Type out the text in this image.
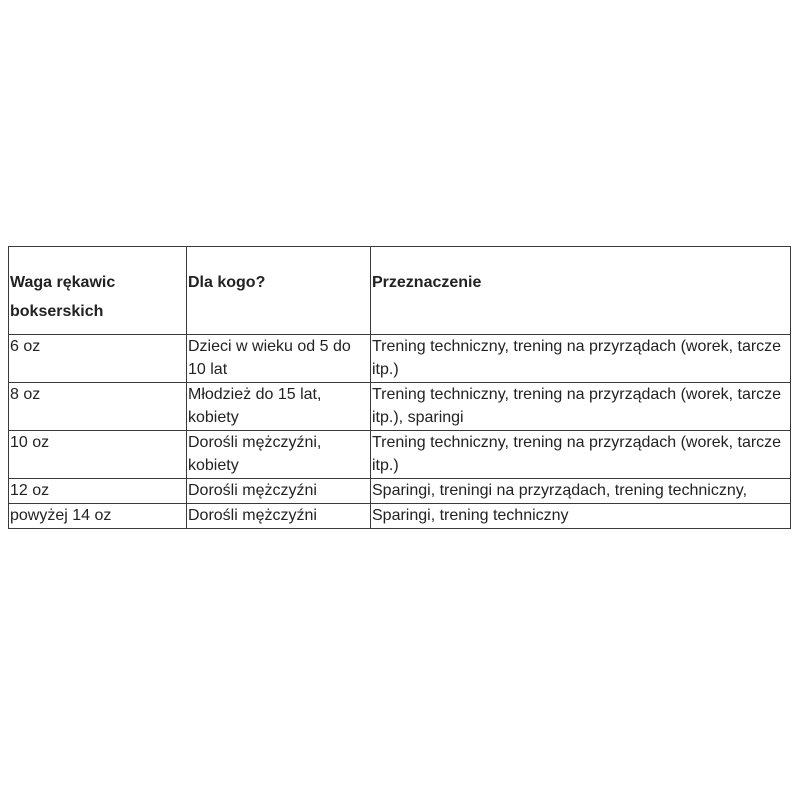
Waga rękawic bokserskich	Dla kogo?	Przeznaczenie
6 oz	Dzieci w wieku od 5 do 10 lat	Trening techniczny, trening na przyrządach (worek, tarcze itp.)
8 oz	Młodzież do 15 lat, kobiety	Trening techniczny, trening na przyrządach (worek, tarcze itp.), sparingi
10 oz	Dorośli mężczyźni, kobiety	Trening techniczny, trening na przyrządach (worek, tarcze itp.)
12 oz	Dorośli mężczyźni	Sparingi, treningi na przyrządach, trening techniczny,
powyżej 14 oz	Dorośli mężczyźni	Sparingi, trening techniczny
